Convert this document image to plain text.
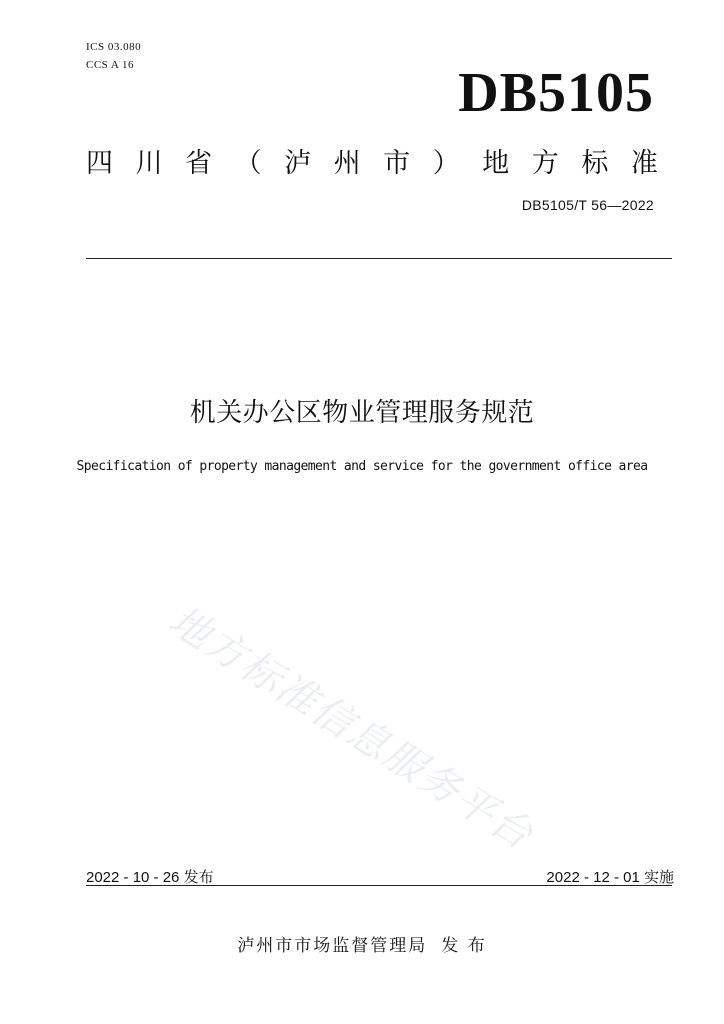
ICS 03.080
CCS A 16	DB5105
四 川 省 （ 泸 州 市 ） 地 方 标 准
DB5105/T 56—2022
机关办公区物业管理服务规范
Specification of property management and service for the government office area
地方标准信息服务平台
2022 - 10 - 26 发布	2022 - 12 - 01 实施
泸州市市场监督管理局 发 布
